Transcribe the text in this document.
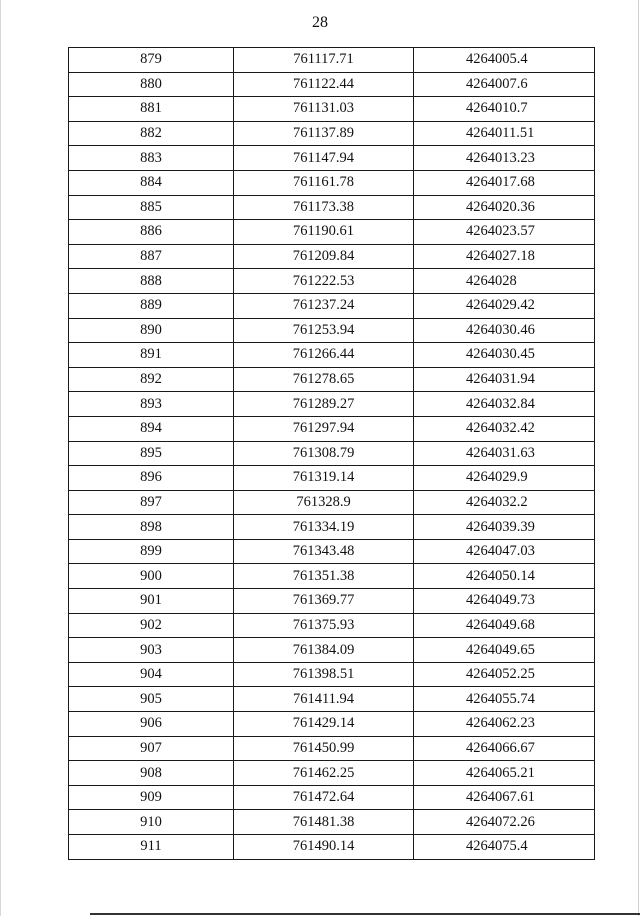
28
879	761117.71	4264005.4
880	761122.44	4264007.6
881	761131.03	4264010.7
882	761137.89	4264011.51
883	761147.94	4264013.23
884	761161.78	4264017.68
885	761173.38	4264020.36
886	761190.61	4264023.57
887	761209.84	4264027.18
888	761222.53	4264028
889	761237.24	4264029.42
890	761253.94	4264030.46
891	761266.44	4264030.45
892	761278.65	4264031.94
893	761289.27	4264032.84
894	761297.94	4264032.42
895	761308.79	4264031.63
896	761319.14	4264029.9
897	761328.9	4264032.2
898	761334.19	4264039.39
899	761343.48	4264047.03
900	761351.38	4264050.14
901	761369.77	4264049.73
902	761375.93	4264049.68
903	761384.09	4264049.65
904	761398.51	4264052.25
905	761411.94	4264055.74
906	761429.14	4264062.23
907	761450.99	4264066.67
908	761462.25	4264065.21
909	761472.64	4264067.61
910	761481.38	4264072.26
911	761490.14	4264075.4
